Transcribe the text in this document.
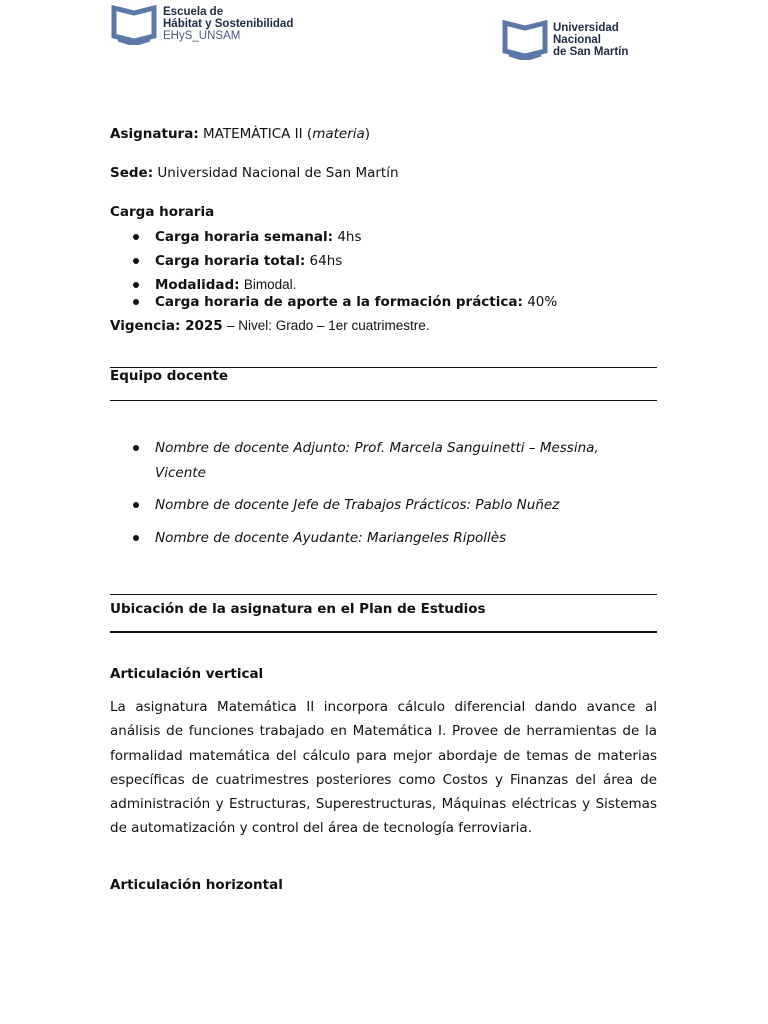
Escuela de
Hábitat y Sostenibilidad
EHyS_UNSAM
Universidad
Nacional
de San Martín
Asignatura: MATEMÀTICA II (materia)
Sede: Universidad Nacional de San Martín
Carga horaria
Carga horaria semanal: 4hs
Carga horaria total: 64hs
Modalidad: Bimodal.
Carga horaria de aporte a la formación práctica: 40%
Vigencia: 2025 – Nivel: Grado – 1er cuatrimestre.
Equipo docente
Nombre de docente Adjunto: Prof. Marcela Sanguinetti – Messina,
Vicente
Nombre de docente Jefe de Trabajos Prácticos: Pablo Nuñez
Nombre de docente Ayudante: Mariangeles Ripollès
Ubicación de la asignatura en el Plan de Estudios
Articulación vertical

La asignatura Matemática II incorpora cálculo diferencial dando avance al análisis de funciones trabajado en Matemática I. Provee de herramientas de la formalidad matemática del cálculo para mejor abordaje de temas de materias específicas de cuatrimestres posteriores como Costos y Finanzas del área de administración y Estructuras, Superestructuras, Máquinas eléctricas y Sistemas de automatización y control del área de tecnología ferroviaria.

Articulación horizontal
